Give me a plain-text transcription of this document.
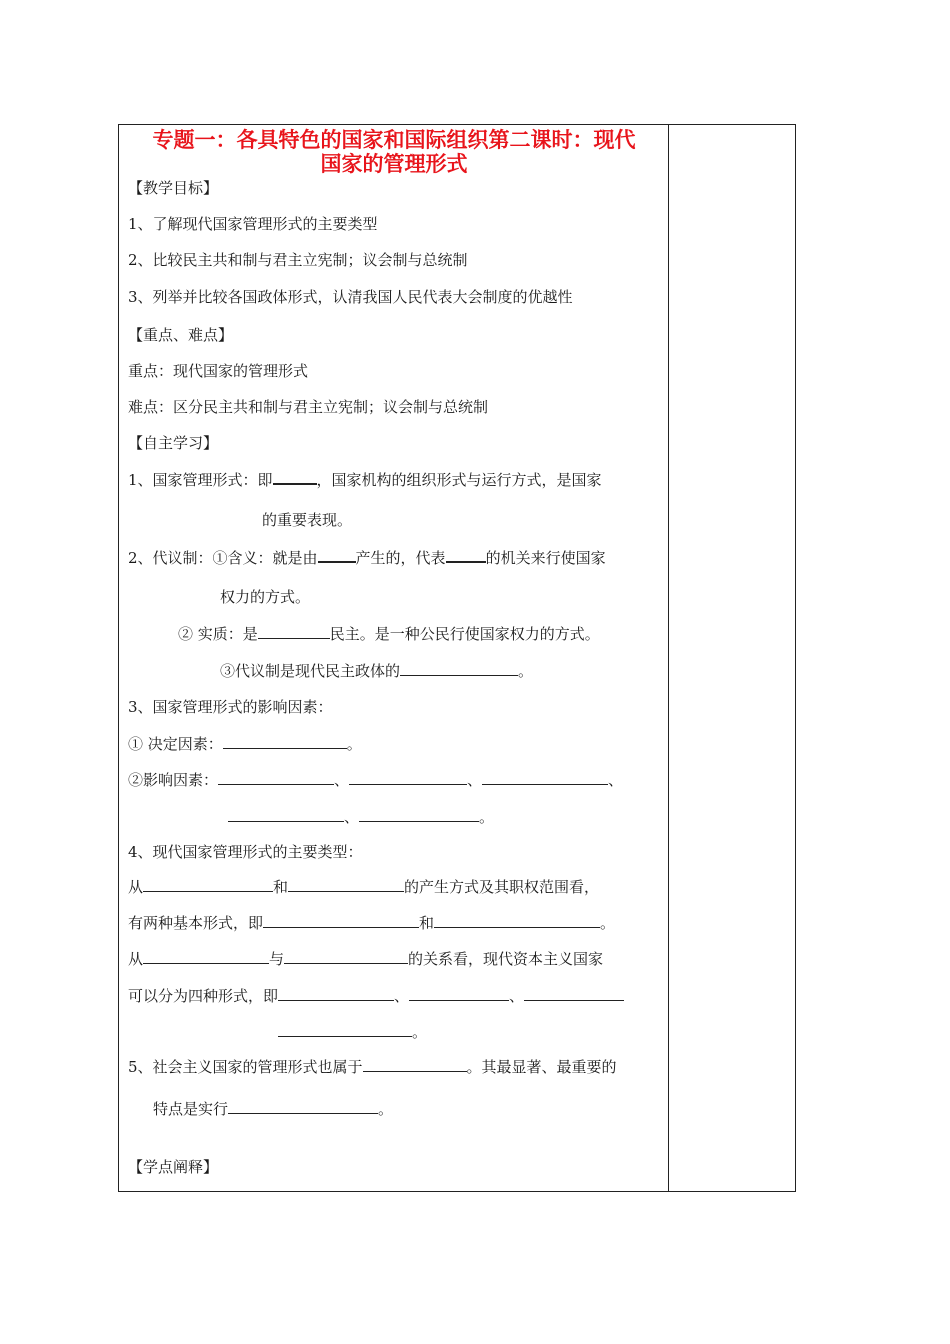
专题一：各具特色的国家和国际组织第二课时：现代
国家的管理形式
【教学目标】
1、了解现代国家管理形式的主要类型
2、比较民主共和制与君主立宪制；议会制与总统制
3、列举并比较各国政体形式，认清我国人民代表大会制度的优越性
【重点、难点】
重点：现代国家的管理形式
难点：区分民主共和制与君主立宪制；议会制与总统制
【自主学习】
1、国家管理形式：即	，国家机构的组织形式与运行方式，是国家
的重要表现。
2、代议制：①含义：就是由	产生的，代表	的机关来行使国家
权力的方式。
② 实质：是	民主。是一种公民行使国家权力的方式。
③代议制是现代民主政体的	。
3、国家管理形式的影响因素：
① 决定因素：	。
②影响因素：	、	、	、
、	。
4、现代国家管理形式的主要类型：
从	和	的产生方式及其职权范围看，
有两种基本形式，即	和	。
从	与	的关系看，现代资本主义国家
可以分为四种形式，即	、	、
。
5、社会主义国家的管理形式也属于	。其最显著、最重要的
特点是实行	。
【学点阐释】
